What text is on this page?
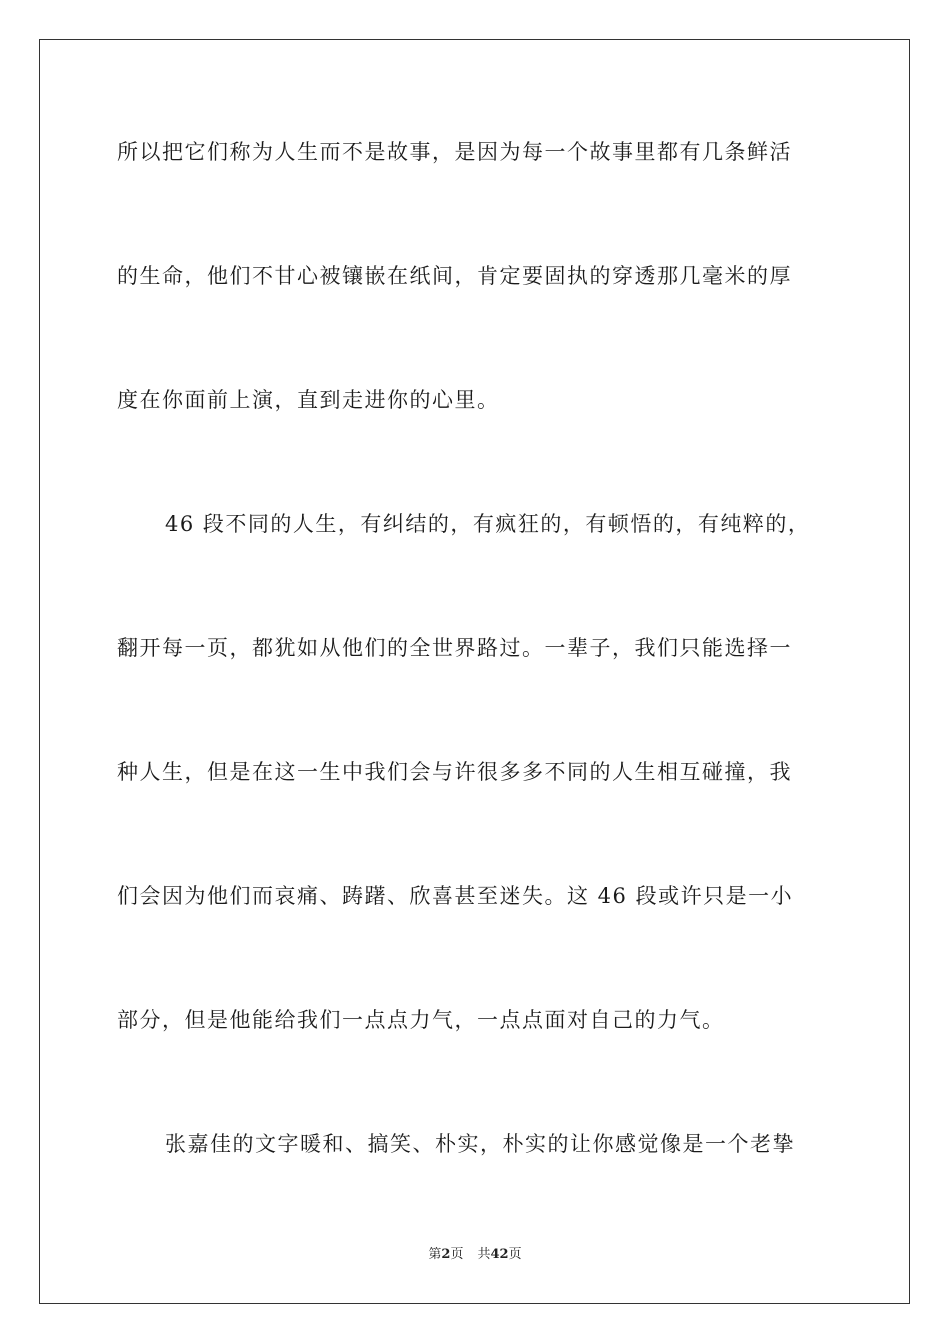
所以把它们称为人生而不是故事，是因为每一个故事里都有几条鲜活
的生命，他们不甘心被镶嵌在纸间，肯定要固执的穿透那几毫米的厚
度在你面前上演，直到走进你的心里。
46 段不同的人生，有纠结的，有疯狂的，有顿悟的，有纯粹的，
翻开每一页，都犹如从他们的全世界路过。一辈子，我们只能选择一
种人生，但是在这一生中我们会与许很多多不同的人生相互碰撞，我
们会因为他们而哀痛、踌躇、欣喜甚至迷失。这 46 段或许只是一小
部分，但是他能给我们一点点力气，一点点面对自己的力气。
张嘉佳的文字暖和、搞笑、朴实，朴实的让你感觉像是一个老挚
第2页 共42页
